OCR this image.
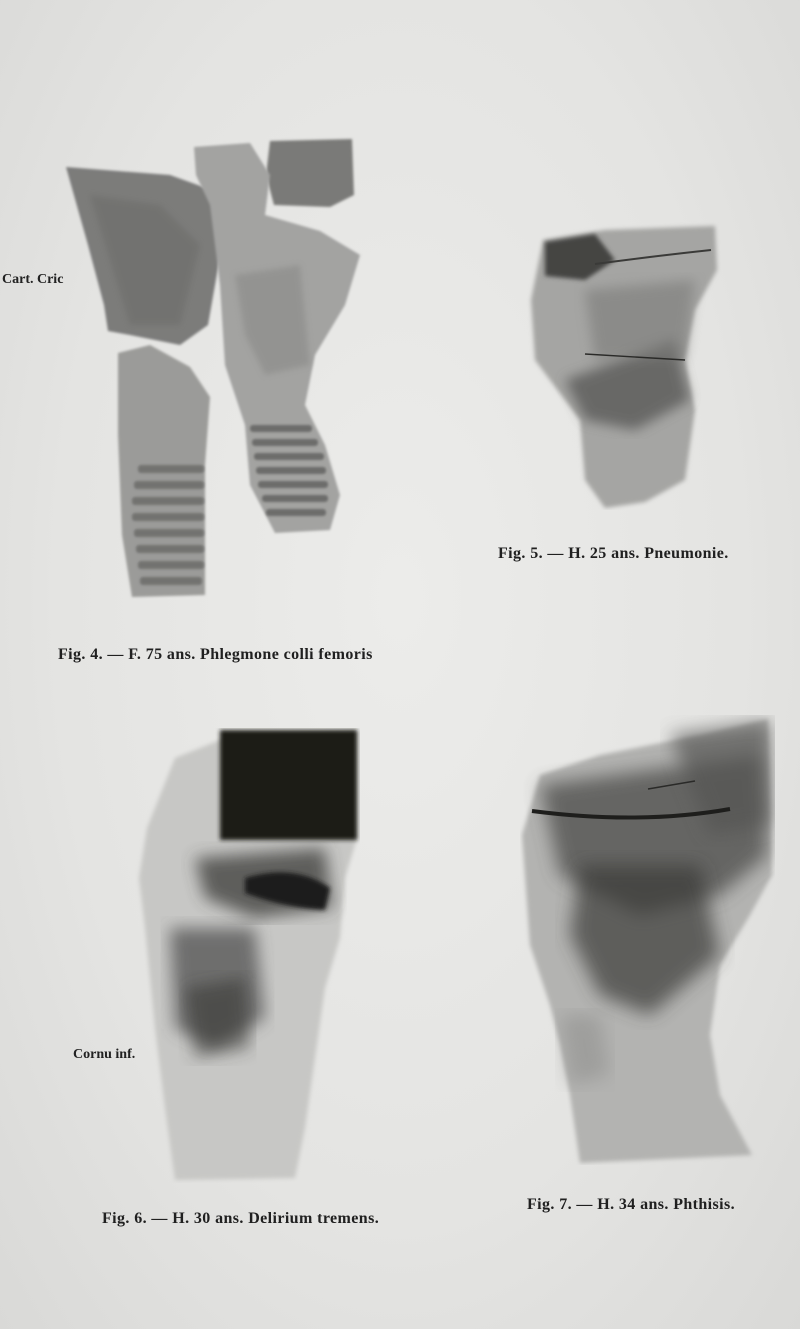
Cart. Cric
Fig. 4. — F. 75 ans. Phlegmone colli femoris
Fig. 5. — H. 25 ans. Pneumonie.
Cornu inf.
Fig. 6. — H. 30 ans. Delirium tremens.
Fig. 7. — H. 34 ans. Phthisis.
